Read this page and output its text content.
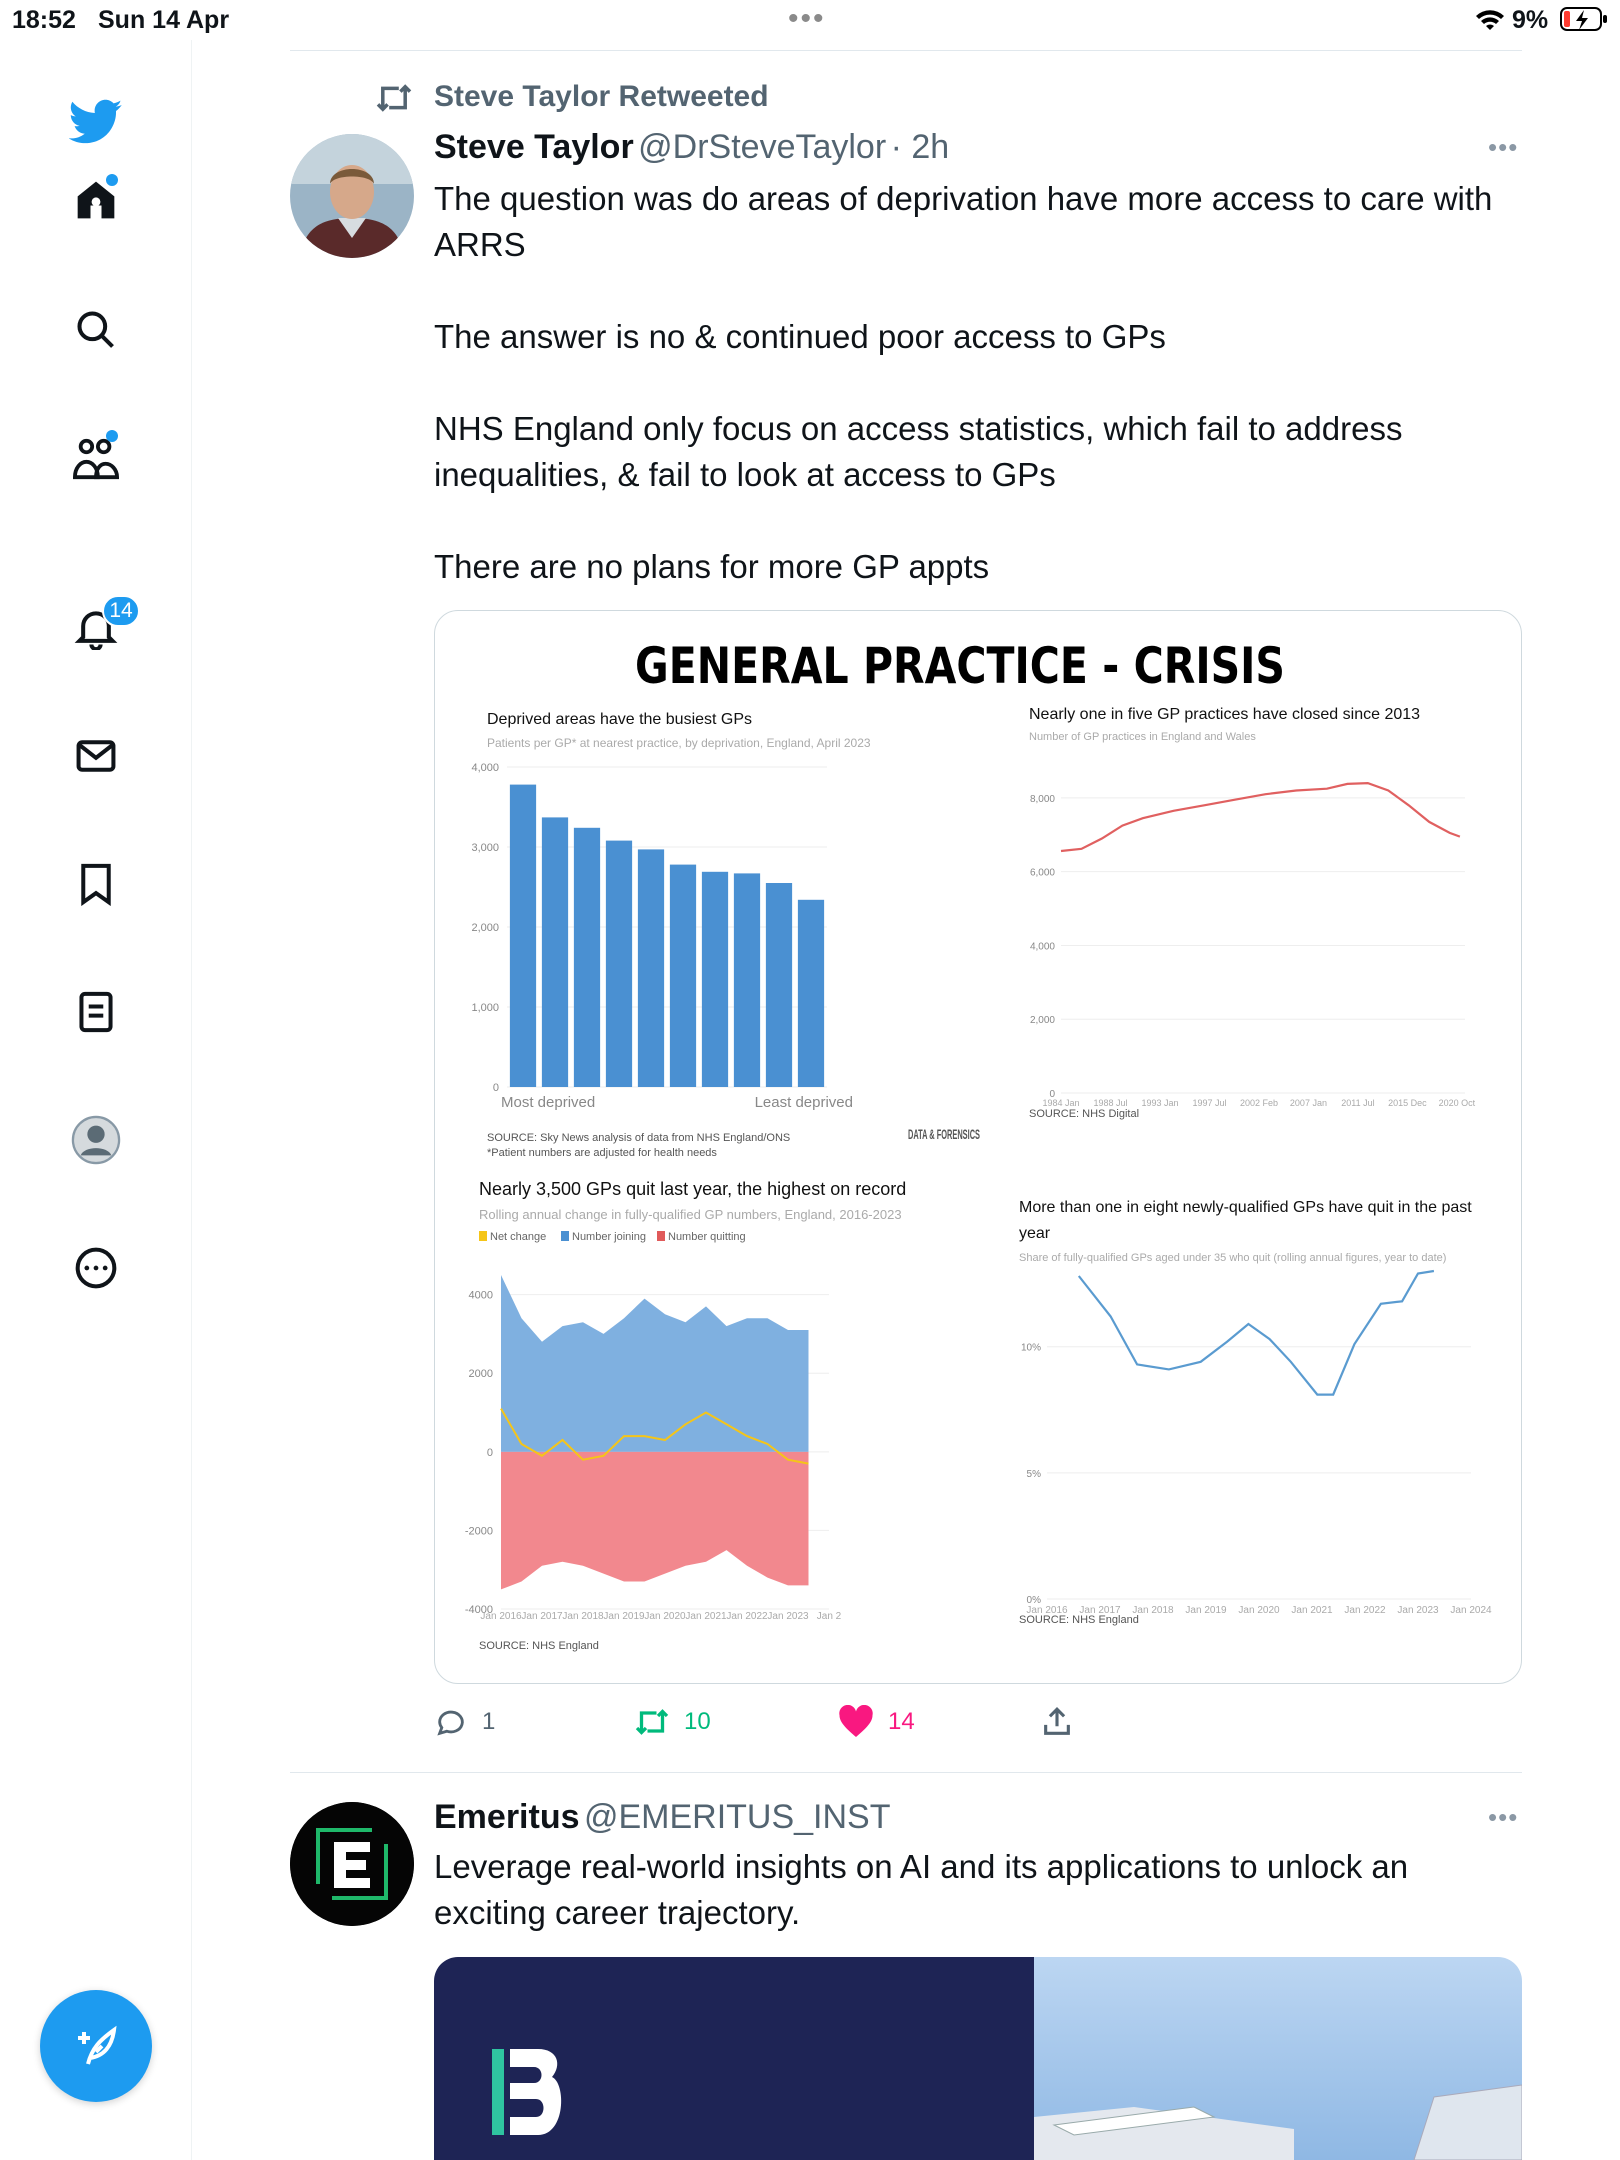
18:52 Sun 14 Apr	•••	9%
14
Steve Taylor Retweeted
Steve Taylor @DrSteveTaylor · 2h	•••

The question was do areas of deprivation have more access to care with ARRS

The answer is no & continued poor access to GPs

NHS England only focus on access statistics, which fail to address inequalities, & fail to look at access to GPs

There are no plans for more GP appts

GENERAL PRACTICE - CRISIS
Deprived areas have the busiest GPs
Patients per GP* at nearest practice, by deprivation, England, April 2023
Most deprived	Least deprived
SOURCE: Sky News analysis of data from NHS England/ONS
*Patient numbers are adjusted for health needs
DATA & FORENSICS
4,000
3,000
2,000
1,000
0
Nearly one in five GP practices have closed since 2013
Number of GP practices in England and Wales
SOURCE: NHS Digital
8,000
6,000
4,000
2,000
0
1984 Jan 1988 Jul 1993 Jan 1997 Jul 2002 Feb 2007 Jan 2011 Jul 2015 Dec 2020 Oct
Nearly 3,500 GPs quit last year, the highest on record
Rolling annual change in fully-qualified GP numbers, England, 2016-2023
SOURCE: NHS England
4000
2000
0
-2000
-4000
Jan 2016 Jan 2017 Jan 2018 Jan 2019 Jan 2020 Jan 2021 Jan 2022 Jan 2023 Jan 2
Net change Number joining Number quitting
More than one in eight newly-qualified GPs have quit in the past year
Share of fully-qualified GPs aged under 35 who quit (rolling annual figures, year to date)
SOURCE: NHS England
10%
5%
0%
Jan 2016 Jan 2017 Jan 2018 Jan 2019 Jan 2020 Jan 2021 Jan 2022 Jan 2023 Jan 2024
1	10	14
Emeritus @EMERITUS_INST	•••
Leverage real-world insights on AI and its applications to unlock an exciting career trajectory.
